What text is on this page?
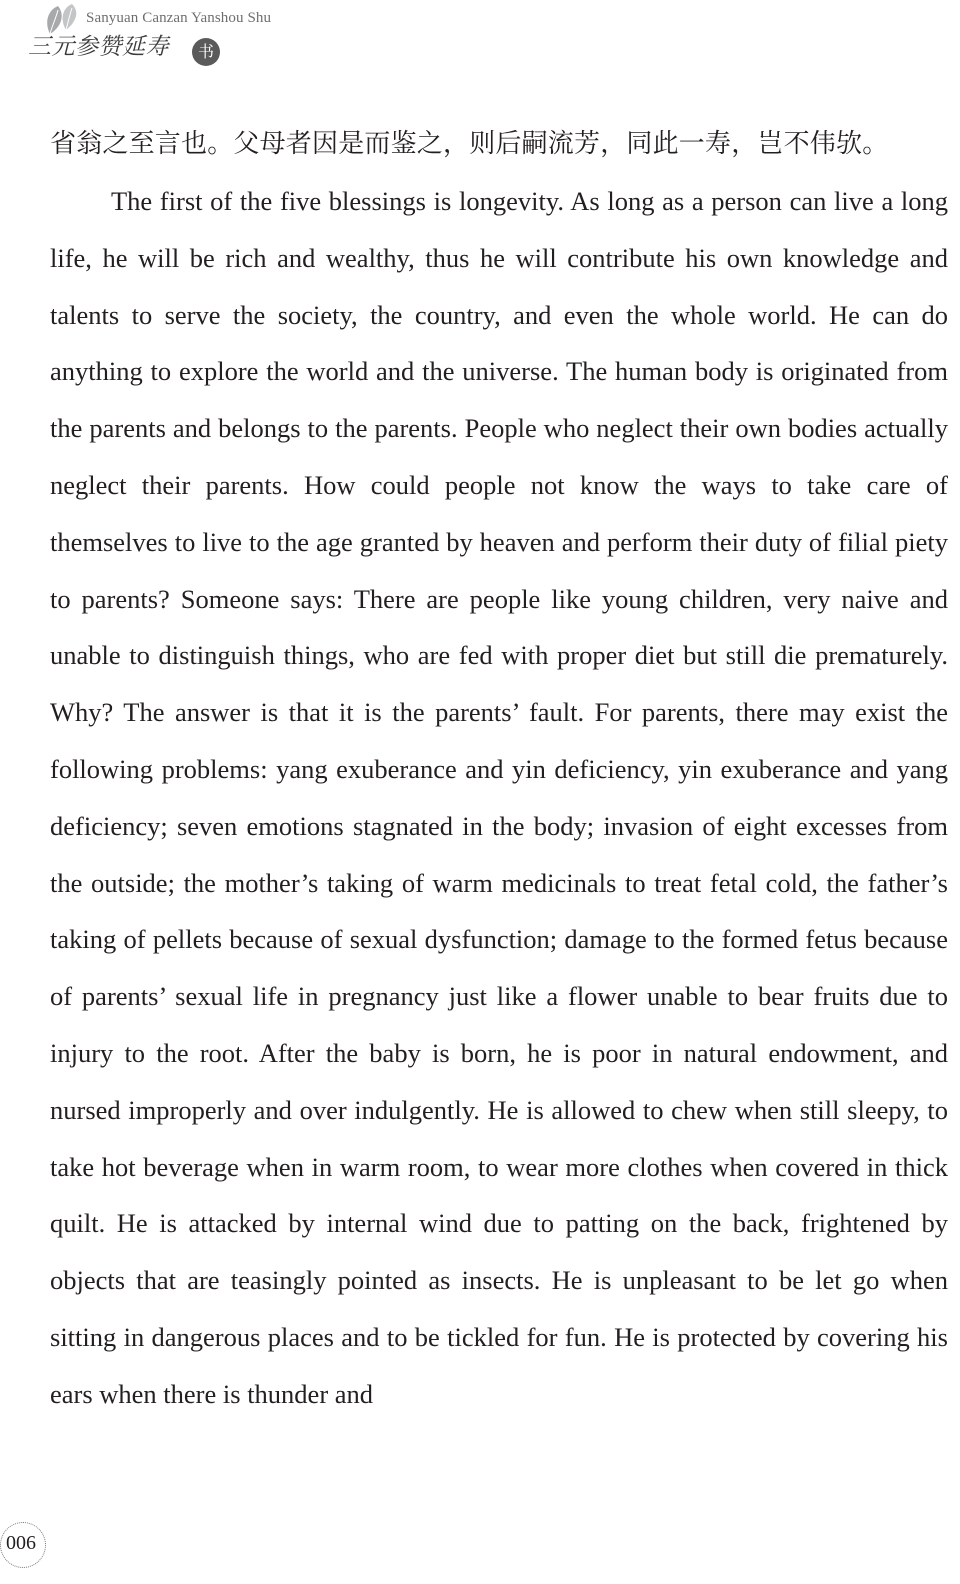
Sanyuan Canzan Yanshou Shu
三元参赞延寿	书
省翁之至言也。父母者因是而鉴之，则后嗣流芳，同此一寿，岂不伟欤。

The first of the five blessings is longevity. As long as a person can live a long life, he will be rich and wealthy, thus he will contribute his own knowledge and talents to serve the society, the country, and even the whole world. He can do anything to explore the world and the universe. The human body is originated from the parents and belongs to the parents. People who neglect their own bodies actually neglect their parents. How could people not know the ways to take care of themselves to live to the age granted by heaven and perform their duty of filial piety to parents? Someone says: There are people like young children, very naive and unable to distinguish things, who are fed with proper diet but still die prematurely. Why? The answer is that it is the parents’ fault. For parents, there may exist the following problems: yang exuberance and yin deficiency, yin exuberance and yang deficiency; seven emotions stagnated in the body; invasion of eight excesses from the outside; the mother’s taking of warm medicinals to treat fetal cold, the father’s taking of pellets because of sexual dysfunction; damage to the formed fetus because of parents’ sexual life in pregnancy just like a flower unable to bear fruits due to injury to the root. After the baby is born, he is poor in natural endowment, and nursed improperly and over indulgently. He is allowed to chew when still sleepy, to take hot beverage when in warm room, to wear more clothes when covered in thick quilt. He is attacked by internal wind due to patting on the back, frightened by objects that are teasingly pointed as insects. He is unpleasant to be let go when sitting in dangerous places and to be tickled for fun. He is protected by covering his ears when there is thunder and

006
